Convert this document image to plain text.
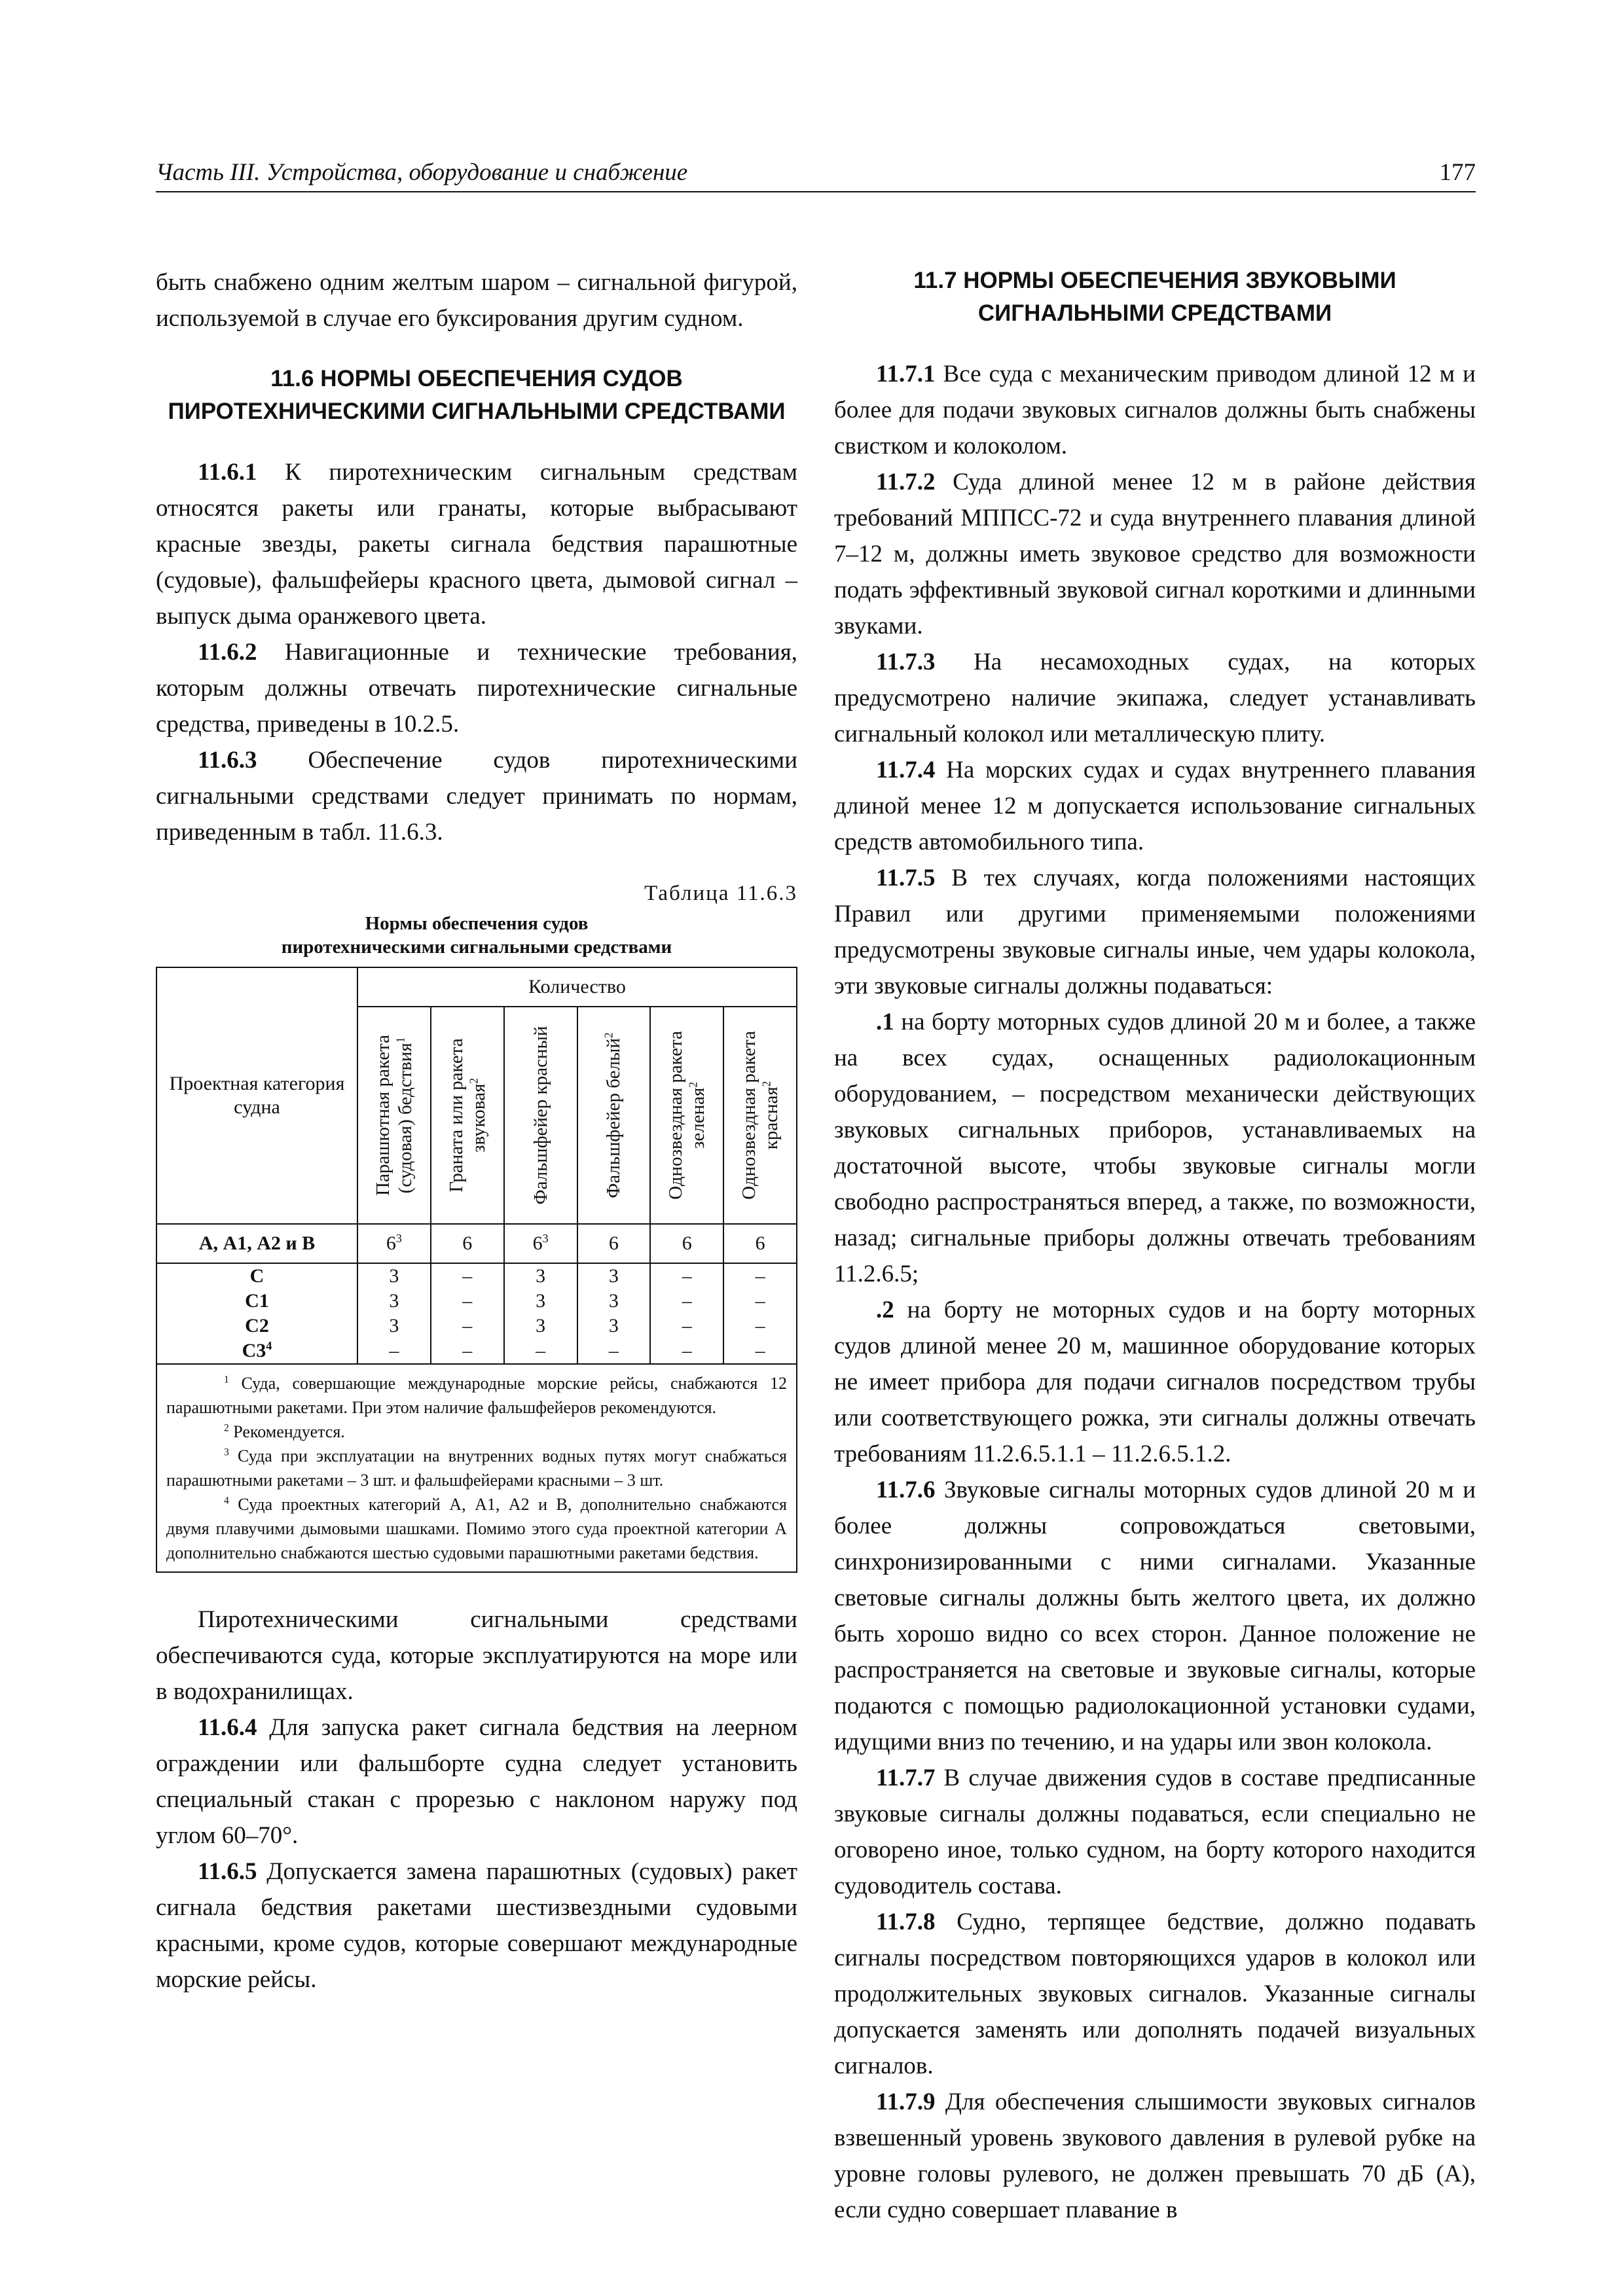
Часть III. Устройства, оборудование и снабжение	177

быть снабжено одним желтым шаром – сигнальной фигурой, используемой в случае его буксирования другим судном.

11.6 НОРМЫ ОБЕСПЕЧЕНИЯ СУДОВ ПИРОТЕХНИЧЕСКИМИ СИГНАЛЬНЫМИ СРЕДСТВАМИ

11.6.1 К пиротехническим сигнальным средствам относятся ракеты или гранаты, которые выбрасывают красные звезды, ракеты сигнала бедствия парашютные (судовые), фальшфейеры красного цвета, дымовой сигнал – выпуск дыма оранжевого цвета.

11.6.2 Навигационные и технические требования, которым должны отвечать пиротехнические сигнальные средства, приведены в 10.2.5.

11.6.3 Обеспечение судов пиротехническими сигнальными средствами следует принимать по нормам, приведенным в табл. 11.6.3.

Таблица 11.6.3
Нормы обеспечения судов
пиротехническими сигнальными средствами
Проектная категория судна	Количество					

	Парашютная ракета (судовая) бедствия$^1$	Граната или ракета звуковая$^2$	Фальшфейер красный	Фальшфейер белый$^2$	Однозвездная ракета зеленая$^2$	Однозвездная ракета красная$^2$

А, А1, А2 и В	$6^3$	6	$6^3$	6	6	6
С	3	–	3	3	–	–
С1	3	–	3	3	–	–
С2	3	–	3	3	–	–
$С3^4$	–	–	–	–	–	–

$^1$ Суда, совершающие международные морские рейсы, снабжаются 12 парашютными ракетами. При этом наличие фальшфейеров рекомендуются.
$^2$ Рекомендуется.
$^3$ Суда при эксплуатации на внутренних водных путях могут снабжаться парашютными ракетами – 3 шт. и фальшфейерами красными – 3 шт.
$^4$ Суда проектных категорий А, А1, А2 и В, дополнительно снабжаются двумя плавучими дымовыми шашками. Помимо этого суда проектной категории А дополнительно снабжаются шестью судовыми парашютными ракетами бедствия.						

Пиротехническими сигнальными средствами обеспечиваются суда, которые эксплуатируются на море или в водохранилищах.

11.6.4 Для запуска ракет сигнала бедствия на леерном ограждении или фальшборте судна следует установить специальный стакан с прорезью с наклоном наружу под углом 60–70°.

11.6.5 Допускается замена парашютных (судовых) ракет сигнала бедствия ракетами шестизвездными судовыми красными, кроме судов, которые совершают международные морские рейсы.

11.7 НОРМЫ ОБЕСПЕЧЕНИЯ ЗВУКОВЫМИ СИГНАЛЬНЫМИ СРЕДСТВАМИ

11.7.1 Все суда с механическим приводом длиной 12 м и более для подачи звуковых сигналов должны быть снабжены свистком и колоколом.

11.7.2 Суда длиной менее 12 м в районе действия требований МППСС-72 и суда внутреннего плавания длиной 7–12 м, должны иметь звуковое средство для возможности подать эффективный звуковой сигнал короткими и длинными звуками.

11.7.3 На несамоходных судах, на которых предусмотрено наличие экипажа, следует устанавливать сигнальный колокол или металлическую плиту.

11.7.4 На морских судах и судах внутреннего плавания длиной менее 12 м допускается использование сигнальных средств автомобильного типа.

11.7.5 В тех случаях, когда положениями настоящих Правил или другими применяемыми положениями предусмотрены звуковые сигналы иные, чем удары колокола, эти звуковые сигналы должны подаваться:

.1 на борту моторных судов длиной 20 м и более, а также на всех судах, оснащенных радиолокационным оборудованием, – посредством механически действующих звуковых сигнальных приборов, устанавливаемых на достаточной высоте, чтобы звуковые сигналы могли свободно распространяться вперед, а также, по возможности, назад; сигнальные приборы должны отвечать требованиям 11.2.6.5;

.2 на борту не моторных судов и на борту моторных судов длиной менее 20 м, машинное оборудование которых не имеет прибора для подачи сигналов посредством трубы или соответствующего рожка, эти сигналы должны отвечать требованиям 11.2.6.5.1.1 – 11.2.6.5.1.2.

11.7.6 Звуковые сигналы моторных судов длиной 20 м и более должны сопровождаться световыми, синхронизированными с ними сигналами. Указанные световые сигналы должны быть желтого цвета, их должно быть хорошо видно со всех сторон. Данное положение не распространяется на световые и звуковые сигналы, которые подаются с помощью радиолокационной установки судами, идущими вниз по течению, и на удары или звон колокола.

11.7.7 В случае движения судов в составе предписанные звуковые сигналы должны подаваться, если специально не оговорено иное, только судном, на борту которого находится судоводитель состава.

11.7.8 Судно, терпящее бедствие, должно подавать сигналы посредством повторяющихся ударов в колокол или продолжительных звуковых сигналов. Указанные сигналы допускается заменять или дополнять подачей визуальных сигналов.

11.7.9 Для обеспечения слышимости звуковых сигналов взвешенный уровень звукового давления в рулевой рубке на уровне головы рулевого, не должен превышать 70 дБ (А), если судно совершает плавание в
